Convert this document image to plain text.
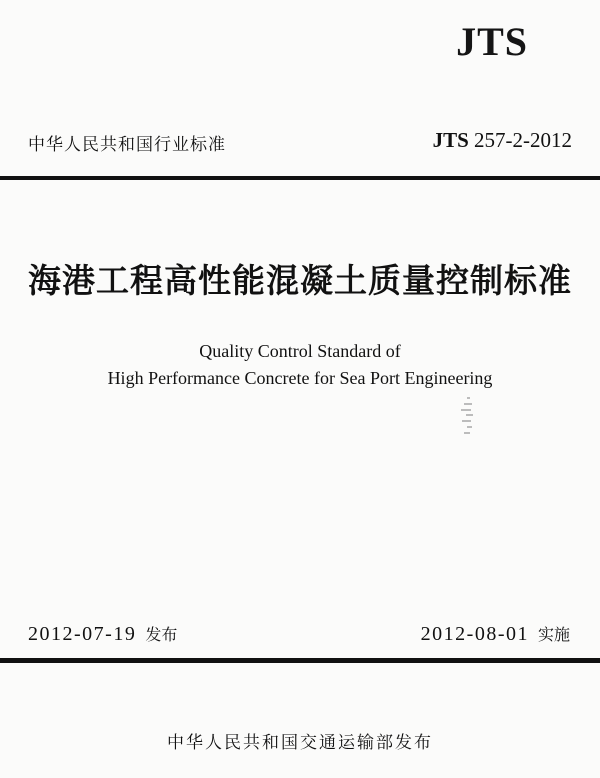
JTS
中华人民共和国行业标准	JTS 257-2-2012
海港工程高性能混凝土质量控制标准
Quality Control Standard of
High Performance Concrete for Sea Port Engineering
2012-07-19 发布	2012-08-01 实施
中华人民共和国交通运输部发布
